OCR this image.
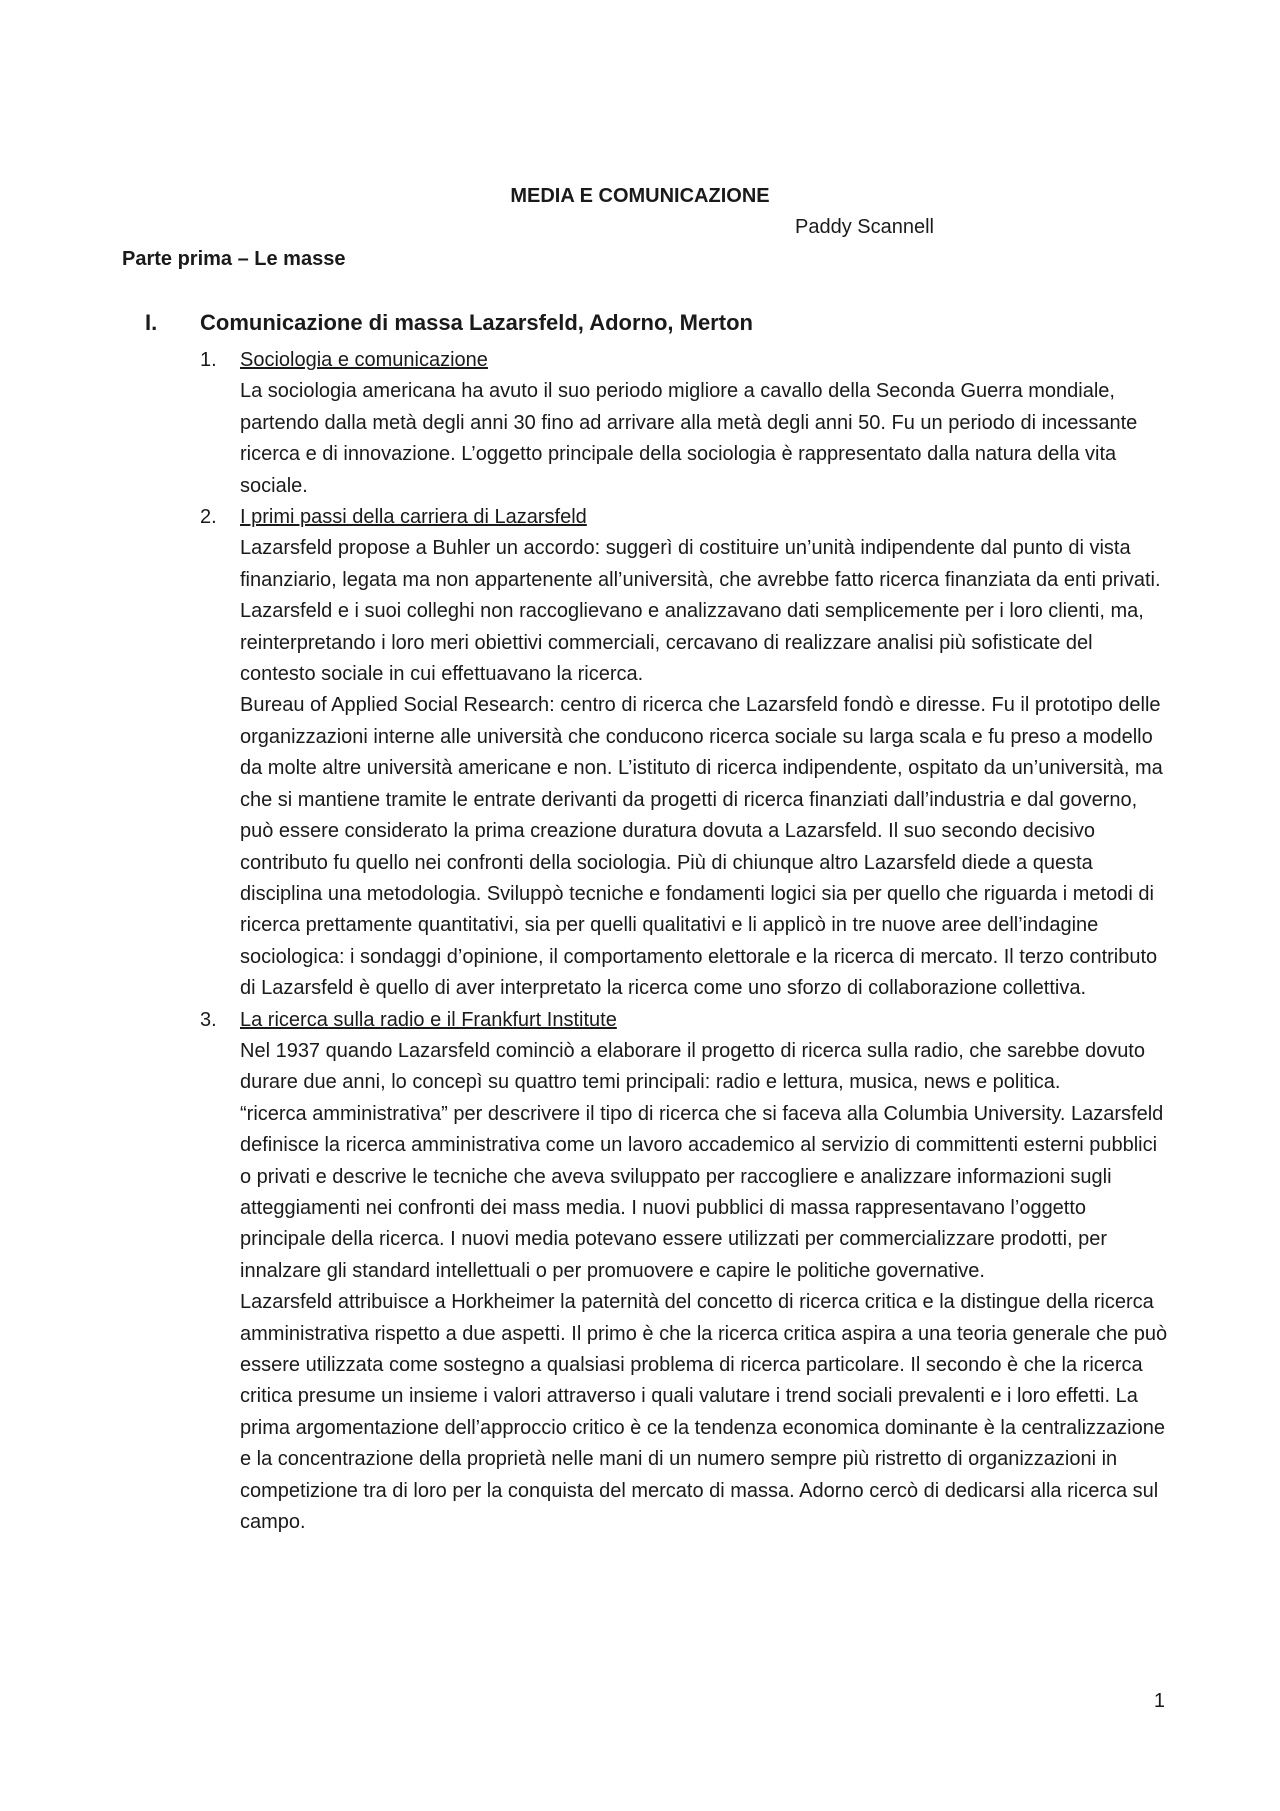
MEDIA E COMUNICAZIONE
Paddy Scannell
Parte prima – Le masse
I.	Comunicazione di massa Lazarsfeld, Adorno, Merton
1.	Sociologia e comunicazione

La sociologia americana ha avuto il suo periodo migliore a cavallo della Seconda Guerra mondiale, partendo dalla metà degli anni 30 fino ad arrivare alla metà degli anni 50. Fu un periodo di incessante ricerca e di innovazione. L’oggetto principale della sociologia è rappresentato dalla natura della vita sociale.

2.	I primi passi della carriera di Lazarsfeld

Lazarsfeld propose a Buhler un accordo: suggerì di costituire un’unità indipendente dal punto di vista finanziario, legata ma non appartenente all’università, che avrebbe fatto ricerca finanziata da enti privati. Lazarsfeld e i suoi colleghi non raccoglievano e analizzavano dati semplicemente per i loro clienti, ma, reinterpretando i loro meri obiettivi commerciali, cercavano di realizzare analisi più sofisticate del contesto sociale in cui effettuavano la ricerca.

Bureau of Applied Social Research: centro di ricerca che Lazarsfeld fondò e diresse. Fu il prototipo delle organizzazioni interne alle università che conducono ricerca sociale su larga scala e fu preso a modello da molte altre università americane e non. L’istituto di ricerca indipendente, ospitato da un’università, ma che si mantiene tramite le entrate derivanti da progetti di ricerca finanziati dall’industria e dal governo, può essere considerato la prima creazione duratura dovuta a Lazarsfeld. Il suo secondo decisivo contributo fu quello nei confronti della sociologia. Più di chiunque altro Lazarsfeld diede a questa disciplina una metodologia. Sviluppò tecniche e fondamenti logici sia per quello che riguarda i metodi di ricerca prettamente quantitativi, sia per quelli qualitativi e li applicò in tre nuove aree dell’indagine sociologica: i sondaggi d’opinione, il comportamento elettorale e la ricerca di mercato. Il terzo contributo di Lazarsfeld è quello di aver interpretato la ricerca come uno sforzo di collaborazione collettiva.

3.	La ricerca sulla radio e il Frankfurt Institute

Nel 1937 quando Lazarsfeld cominciò a elaborare il progetto di ricerca sulla radio, che sarebbe dovuto durare due anni, lo concepì su quattro temi principali: radio e lettura, musica, news e politica.

“ricerca amministrativa” per descrivere il tipo di ricerca che si faceva alla Columbia University. Lazarsfeld definisce la ricerca amministrativa come un lavoro accademico al servizio di committenti esterni pubblici o privati e descrive le tecniche che aveva sviluppato per raccogliere e analizzare informazioni sugli atteggiamenti nei confronti dei mass media. I nuovi pubblici di massa rappresentavano l’oggetto principale della ricerca. I nuovi media potevano essere utilizzati per commercializzare prodotti, per innalzare gli standard intellettuali o per promuovere e capire le politiche governative.

Lazarsfeld attribuisce a Horkheimer la paternità del concetto di ricerca critica e la distingue della ricerca amministrativa rispetto a due aspetti. Il primo è che la ricerca critica aspira a una teoria generale che può essere utilizzata come sostegno a qualsiasi problema di ricerca particolare. Il secondo è che la ricerca critica presume un insieme i valori attraverso i quali valutare i trend sociali prevalenti e i loro effetti. La prima argomentazione dell’approccio critico è ce la tendenza economica dominante è la centralizzazione e la concentrazione della proprietà nelle mani di un numero sempre più ristretto di organizzazioni in competizione tra di loro per la conquista del mercato di massa. Adorno cercò di dedicarsi alla ricerca sul campo.

1
